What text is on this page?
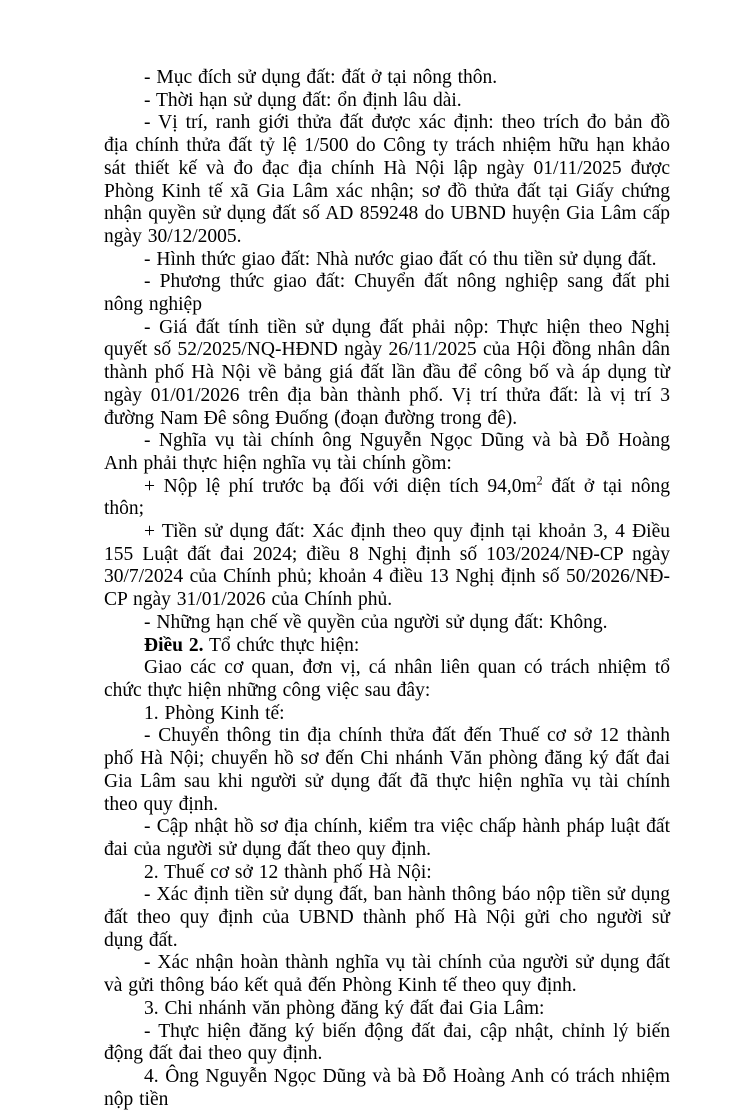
- Mục đích sử dụng đất: đất ở tại nông thôn.

- Thời hạn sử dụng đất: ổn định lâu dài.

- Vị trí, ranh giới thửa đất được xác định: theo trích đo bản đồ địa chính thửa đất tỷ lệ 1/500 do Công ty trách nhiệm hữu hạn khảo sát thiết kế và đo đạc địa chính Hà Nội lập ngày 01/11/2025 được Phòng Kinh tế xã Gia Lâm xác nhận; sơ đồ thửa đất tại Giấy chứng nhận quyền sử dụng đất số AD 859248 do UBND huyện Gia Lâm cấp ngày 30/12/2005.

- Hình thức giao đất: Nhà nước giao đất có thu tiền sử dụng đất.

- Phương thức giao đất: Chuyển đất nông nghiệp sang đất phi nông nghiệp

- Giá đất tính tiền sử dụng đất phải nộp: Thực hiện theo Nghị quyết số 52/2025/NQ-HĐND ngày 26/11/2025 của Hội đồng nhân dân thành phố Hà Nội về bảng giá đất lần đầu để công bố và áp dụng từ ngày 01/01/2026 trên địa bàn thành phố. Vị trí thửa đất: là vị trí 3 đường Nam Đê sông Đuống (đoạn đường trong đê).

- Nghĩa vụ tài chính ông Nguyễn Ngọc Dũng và bà Đỗ Hoàng Anh phải thực hiện nghĩa vụ tài chính gồm:

+ Nộp lệ phí trước bạ đối với diện tích $94,0m^2$ đất ở tại nông thôn;

+ Tiền sử dụng đất: Xác định theo quy định tại khoản 3, 4 Điều 155 Luật đất đai 2024; điều 8 Nghị định số 103/2024/NĐ-CP ngày 30/7/2024 của Chính phủ; khoản 4 điều 13 Nghị định số 50/2026/NĐ-CP ngày 31/01/2026 của Chính phủ.

- Những hạn chế về quyền của người sử dụng đất: Không.

Điều 2. Tổ chức thực hiện:

Giao các cơ quan, đơn vị, cá nhân liên quan có trách nhiệm tổ chức thực hiện những công việc sau đây:

1. Phòng Kinh tế:

- Chuyển thông tin địa chính thửa đất đến Thuế cơ sở 12 thành phố Hà Nội; chuyển hồ sơ đến Chi nhánh Văn phòng đăng ký đất đai Gia Lâm sau khi người sử dụng đất đã thực hiện nghĩa vụ tài chính theo quy định.

- Cập nhật hồ sơ địa chính, kiểm tra việc chấp hành pháp luật đất đai của người sử dụng đất theo quy định.

2. Thuế cơ sở 12 thành phố Hà Nội:

- Xác định tiền sử dụng đất, ban hành thông báo nộp tiền sử dụng đất theo quy định của UBND thành phố Hà Nội gửi cho người sử dụng đất.

- Xác nhận hoàn thành nghĩa vụ tài chính của người sử dụng đất và gửi thông báo kết quả đến Phòng Kinh tế theo quy định.

3. Chi nhánh văn phòng đăng ký đất đai Gia Lâm:

- Thực hiện đăng ký biến động đất đai, cập nhật, chỉnh lý biến động đất đai theo quy định.

4. Ông Nguyễn Ngọc Dũng và bà Đỗ Hoàng Anh có trách nhiệm nộp tiền
